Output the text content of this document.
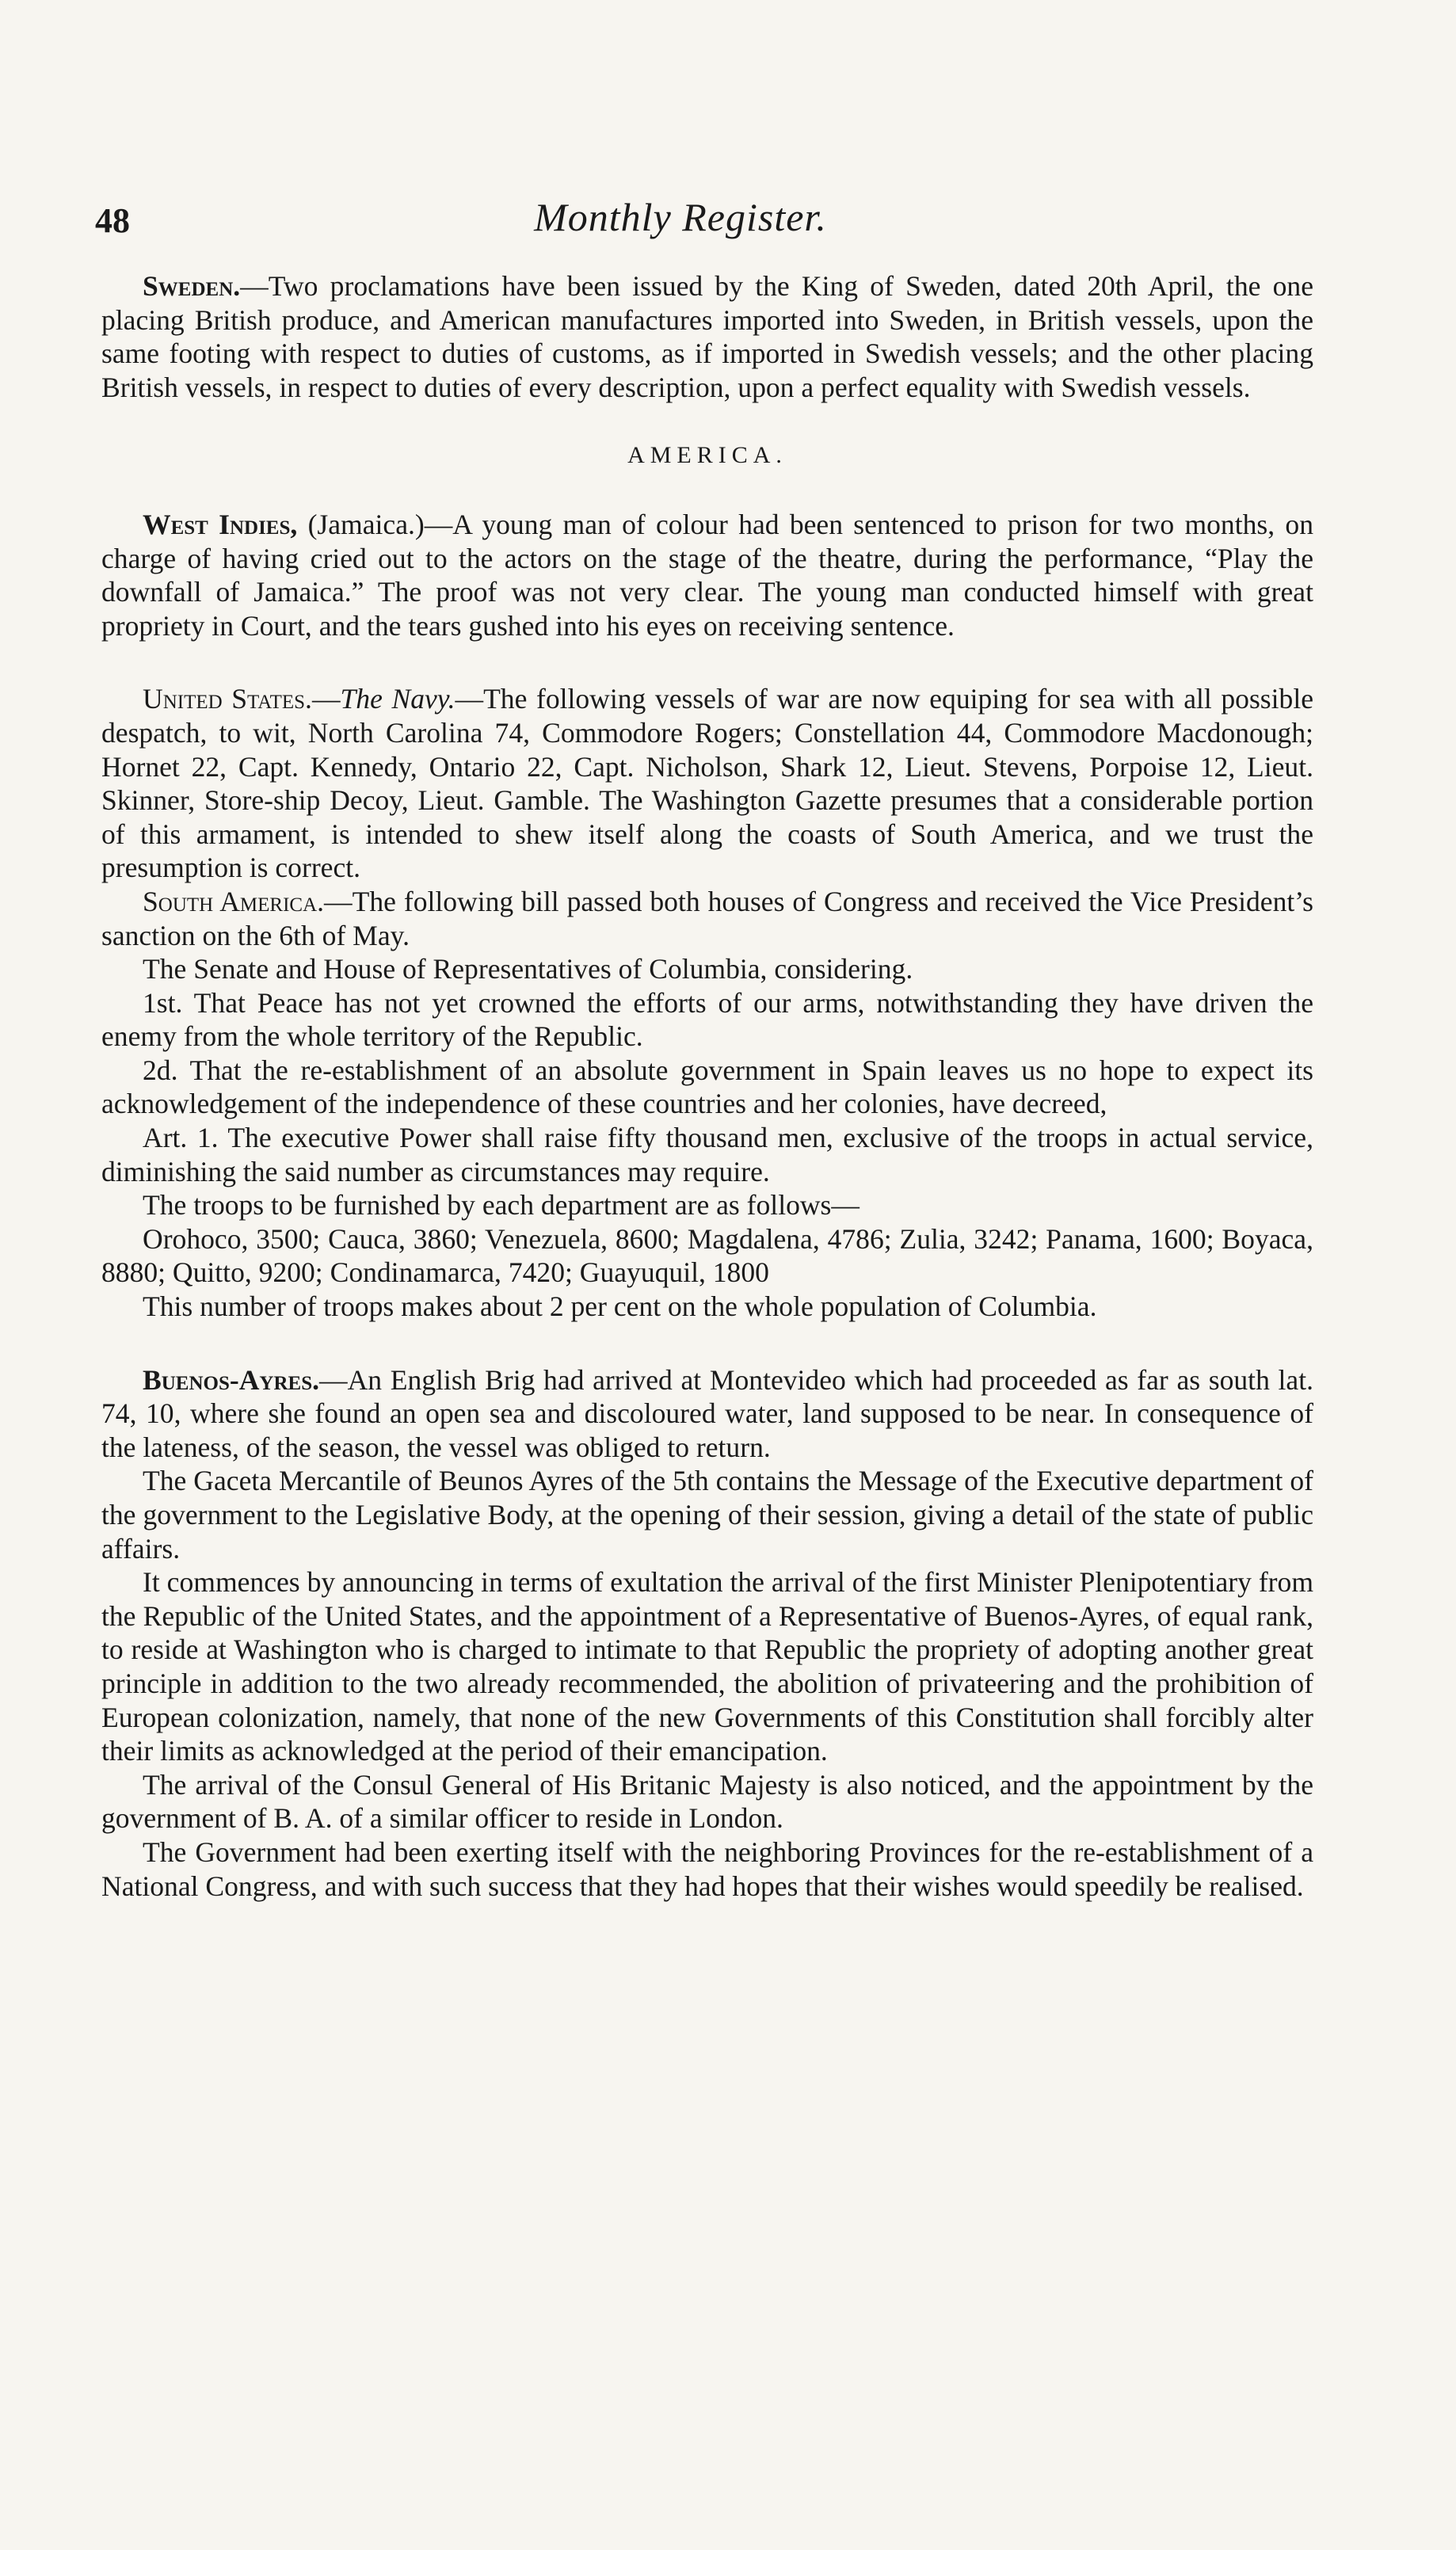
48	Monthly Register.

Sweden.—Two proclamations have been issued by the King of Sweden, dated 20th April, the one placing British produce, and American manufactures imported into Sweden, in British vessels, upon the same footing with respect to duties of customs, as if imported in Swedish vessels; and the other placing British vessels, in respect to duties of every description, upon a perfect equality with Swedish vessels.

AMERICA.

West Indies, (Jamaica.)—A young man of colour had been sentenced to prison for two months, on charge of having cried out to the actors on the stage of the theatre, during the performance, “Play the downfall of Jamaica.” The proof was not very clear. The young man conducted himself with great propriety in Court, and the tears gushed into his eyes on receiving sentence.

United States.—The Navy.—The following vessels of war are now equiping for sea with all possible despatch, to wit, North Carolina 74, Commodore Rogers; Constellation 44, Commodore Macdonough; Hornet 22, Capt. Kennedy, Ontario 22, Capt. Nicholson, Shark 12, Lieut. Stevens, Porpoise 12, Lieut. Skinner, Store-ship Decoy, Lieut. Gamble. The Washington Gazette presumes that a considerable portion of this armament, is intended to shew itself along the coasts of South America, and we trust the presumption is correct.

South America.—The following bill passed both houses of Congress and received the Vice President’s sanction on the 6th of May.

The Senate and House of Representatives of Columbia, considering.

1st. That Peace has not yet crowned the efforts of our arms, notwithstanding they have driven the enemy from the whole territory of the Republic.

2d. That the re-establishment of an absolute government in Spain leaves us no hope to expect its acknowledgement of the independence of these countries and her colonies, have decreed,

Art. 1. The executive Power shall raise fifty thousand men, exclusive of the troops in actual service, diminishing the said number as circumstances may require.

The troops to be furnished by each department are as follows—

Orohoco, 3500; Cauca, 3860; Venezuela, 8600; Magdalena, 4786; Zulia, 3242; Panama, 1600; Boyaca, 8880; Quitto, 9200; Condinamarca, 7420; Guayuquil, 1800

This number of troops makes about 2 per cent on the whole population of Columbia.

Buenos-Ayres.—An English Brig had arrived at Montevideo which had proceeded as far as south lat. 74, 10, where she found an open sea and discoloured water, land supposed to be near. In consequence of the lateness, of the season, the vessel was obliged to return.

The Gaceta Mercantile of Beunos Ayres of the 5th contains the Message of the Executive department of the government to the Legislative Body, at the opening of their session, giving a detail of the state of public affairs.

It commences by announcing in terms of exultation the arrival of the first Minister Plenipotentiary from the Republic of the United States, and the appointment of a Representative of Buenos-Ayres, of equal rank, to reside at Washington who is charged to intimate to that Republic the propriety of adopting another great principle in addition to the two already recommended, the abolition of privateering and the prohibition of European colonization, namely, that none of the new Governments of this Constitution shall forcibly alter their limits as acknowledged at the period of their emancipation.

The arrival of the Consul General of His Britanic Majesty is also noticed, and the appointment by the government of B. A. of a similar officer to reside in London.

The Government had been exerting itself with the neighboring Provinces for the re-establishment of a National Congress, and with such success that they had hopes that their wishes would speedily be realised.
